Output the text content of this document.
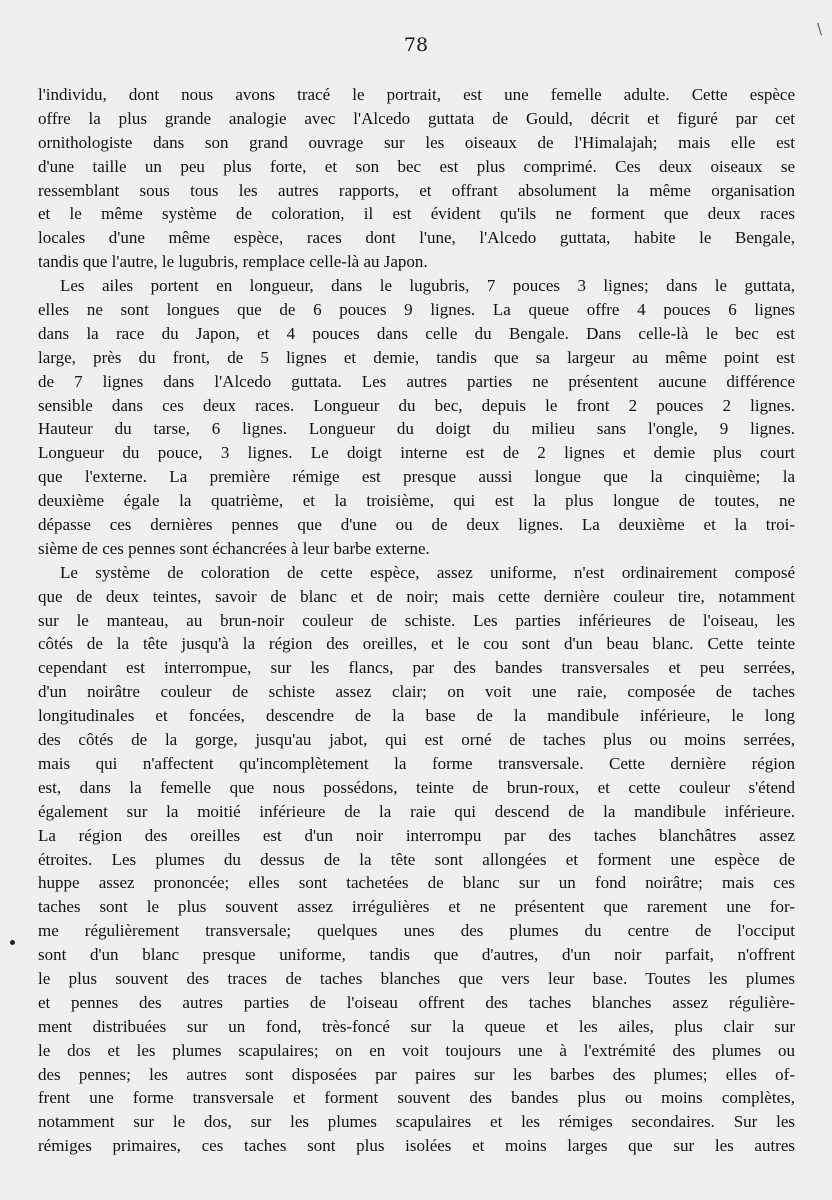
\
78
l'individu, dont nous avons tracé le portrait, est une femelle adulte. Cette espèce
offre la plus grande analogie avec l'Alcedo guttata de Gould, décrit et figuré par cet
ornithologiste dans son grand ouvrage sur les oiseaux de l'Himalajah; mais elle est
d'une taille un peu plus forte, et son bec est plus comprimé. Ces deux oiseaux se
ressemblant sous tous les autres rapports, et offrant absolument la même organisation
et le même système de coloration, il est évident qu'ils ne forment que deux races
locales d'une même espèce, races dont l'une, l'Alcedo guttata, habite le Bengale,
tandis que l'autre, le lugubris, remplace celle-là au Japon.
Les ailes portent en longueur, dans le lugubris, 7 pouces 3 lignes; dans le guttata,
elles ne sont longues que de 6 pouces 9 lignes. La queue offre 4 pouces 6 lignes
dans la race du Japon, et 4 pouces dans celle du Bengale. Dans celle-là le bec est
large, près du front, de 5 lignes et demie, tandis que sa largeur au même point est
de 7 lignes dans l'Alcedo guttata. Les autres parties ne présentent aucune différence
sensible dans ces deux races. Longueur du bec, depuis le front 2 pouces 2 lignes.
Hauteur du tarse, 6 lignes. Longueur du doigt du milieu sans l'ongle, 9 lignes.
Longueur du pouce, 3 lignes. Le doigt interne est de 2 lignes et demie plus court
que l'externe. La première rémige est presque aussi longue que la cinquième; la
deuxième égale la quatrième, et la troisième, qui est la plus longue de toutes, ne
dépasse ces dernières pennes que d'une ou de deux lignes. La deuxième et la troi-
sième de ces pennes sont échancrées à leur barbe externe.
Le système de coloration de cette espèce, assez uniforme, n'est ordinairement composé
que de deux teintes, savoir de blanc et de noir; mais cette dernière couleur tire, notamment
sur le manteau, au brun-noir couleur de schiste. Les parties inférieures de l'oiseau, les
côtés de la tête jusqu'à la région des oreilles, et le cou sont d'un beau blanc. Cette teinte
cependant est interrompue, sur les flancs, par des bandes transversales et peu serrées,
d'un noirâtre couleur de schiste assez clair; on voit une raie, composée de taches
longitudinales et foncées, descendre de la base de la mandibule inférieure, le long
des côtés de la gorge, jusqu'au jabot, qui est orné de taches plus ou moins serrées,
mais qui n'affectent qu'incomplètement la forme transversale. Cette dernière région
est, dans la femelle que nous possédons, teinte de brun-roux, et cette couleur s'étend
également sur la moitié inférieure de la raie qui descend de la mandibule inférieure.
La région des oreilles est d'un noir interrompu par des taches blanchâtres assez
étroites. Les plumes du dessus de la tête sont allongées et forment une espèce de
huppe assez prononcée; elles sont tachetées de blanc sur un fond noirâtre; mais ces
taches sont le plus souvent assez irrégulières et ne présentent que rarement une for-
me régulièrement transversale; quelques unes des plumes du centre de l'occiput
sont d'un blanc presque uniforme, tandis que d'autres, d'un noir parfait, n'offrent
le plus souvent des traces de taches blanches que vers leur base. Toutes les plumes
et pennes des autres parties de l'oiseau offrent des taches blanches assez régulière-
ment distribuées sur un fond, très-foncé sur la queue et les ailes, plus clair sur
le dos et les plumes scapulaires; on en voit toujours une à l'extrémité des plumes ou
des pennes; les autres sont disposées par paires sur les barbes des plumes; elles of-
frent une forme transversale et forment souvent des bandes plus ou moins complètes,
notamment sur le dos, sur les plumes scapulaires et les rémiges secondaires. Sur les
rémiges primaires, ces taches sont plus isolées et moins larges que sur les autres
